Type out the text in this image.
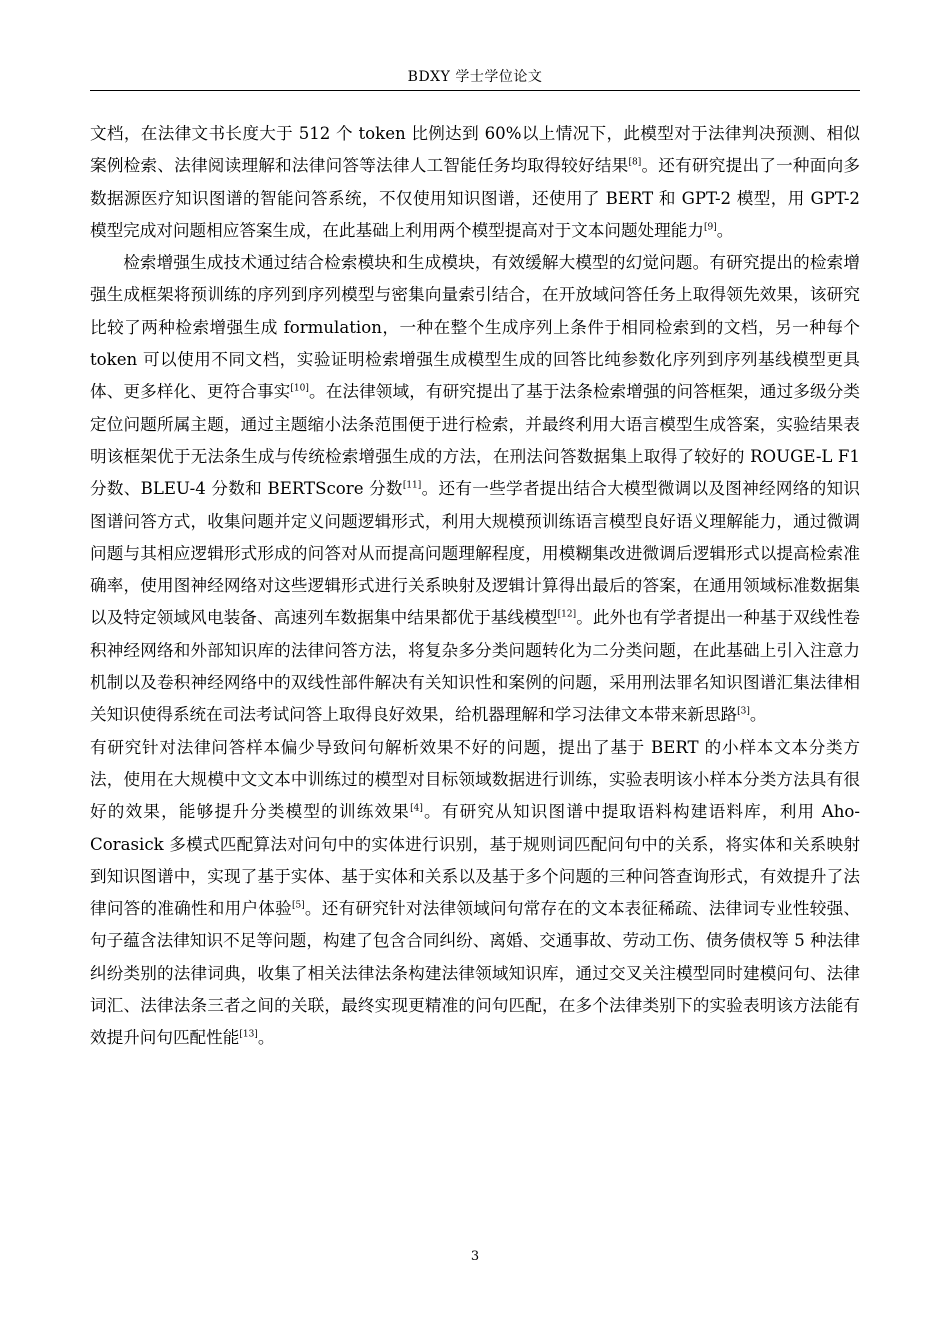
BDXY 学士学位论文

文档，在法律文书长度大于 512 个 token 比例达到 60%以上情况下，此模型对于法律判决预测、相似案例检索、法律阅读理解和法律问答等法律人工智能任务均取得较好结果[8]。还有研究提出了一种面向多数据源医疗知识图谱的智能问答系统，不仅使用知识图谱，还使用了 BERT 和 GPT-2 模型，用 GPT-2 模型完成对问题相应答案生成，在此基础上利用两个模型提高对于文本问题处理能力[9]。

检索增强生成技术通过结合检索模块和生成模块，有效缓解大模型的幻觉问题。有研究提出的检索增强生成框架将预训练的序列到序列模型与密集向量索引结合，在开放域问答任务上取得领先效果，该研究比较了两种检索增强生成 formulation，一种在整个生成序列上条件于相同检索到的文档，另一种每个 token 可以使用不同文档，实验证明检索增强生成模型生成的回答比纯参数化序列到序列基线模型更具体、更多样化、更符合事实[10]。在法律领域，有研究提出了基于法条检索增强的问答框架，通过多级分类定位问题所属主题，通过主题缩小法条范围便于进行检索，并最终利用大语言模型生成答案，实验结果表明该框架优于无法条生成与传统检索增强生成的方法，在刑法问答数据集上取得了较好的 ROUGE-L F1 分数、BLEU-4 分数和 BERTScore 分数[11]。还有一些学者提出结合大模型微调以及图神经网络的知识图谱问答方式，收集问题并定义问题逻辑形式，利用大规模预训练语言模型良好语义理解能力，通过微调问题与其相应逻辑形式形成的问答对从而提高问题理解程度，用模糊集改进微调后逻辑形式以提高检索准确率，使用图神经网络对这些逻辑形式进行关系映射及逻辑计算得出最后的答案，在通用领域标准数据集以及特定领域风电装备、高速列车数据集中结果都优于基线模型[12]。此外也有学者提出一种基于双线性卷积神经网络和外部知识库的法律问答方法，将复杂多分类问题转化为二分类问题，在此基础上引入注意力机制以及卷积神经网络中的双线性部件解决有关知识性和案例的问题，采用刑法罪名知识图谱汇集法律相关知识使得系统在司法考试问答上取得良好效果，给机器理解和学习法律文本带来新思路[3]。

有研究针对法律问答样本偏少导致问句解析效果不好的问题，提出了基于 BERT 的小样本文本分类方法，使用在大规模中文文本中训练过的模型对目标领域数据进行训练，实验表明该小样本分类方法具有很好的效果，能够提升分类模型的训练效果[4]。有研究从知识图谱中提取语料构建语料库，利用 Aho-Corasick 多模式匹配算法对问句中的实体进行识别，基于规则词匹配问句中的关系，将实体和关系映射到知识图谱中，实现了基于实体、基于实体和关系以及基于多个问题的三种问答查询形式，有效提升了法律问答的准确性和用户体验[5]。还有研究针对法律领域问句常存在的文本表征稀疏、法律词专业性较强、句子蕴含法律知识不足等问题，构建了包含合同纠纷、离婚、交通事故、劳动工伤、债务债权等 5 种法律纠纷类别的法律词典，收集了相关法律法条构建法律领域知识库，通过交叉关注模型同时建模问句、法律词汇、法律法条三者之间的关联，最终实现更精准的问句匹配，在多个法律类别下的实验表明该方法能有效提升问句匹配性能[13]。

3
